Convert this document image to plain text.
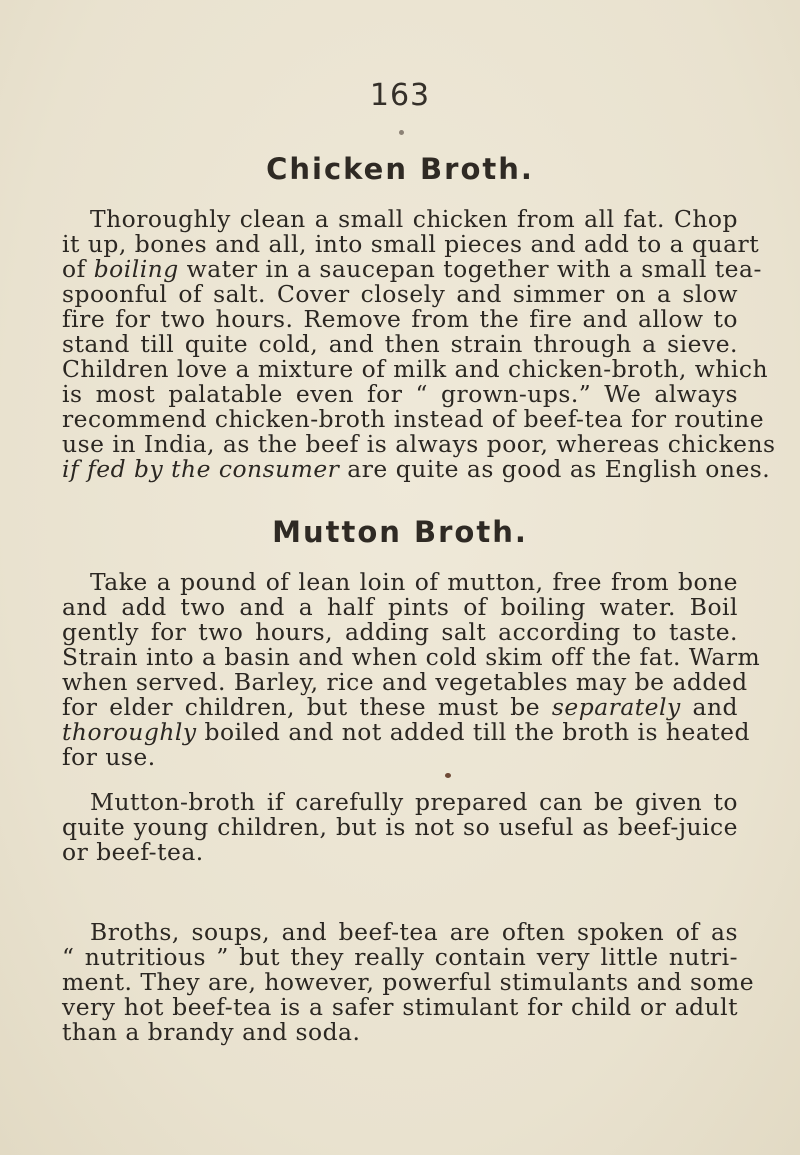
163
Chicken Broth.
Thoroughly clean a small chicken from all fat. Chop
it up, bones and all, into small pieces and add to a quart
of boiling water in a saucepan together with a small tea-
spoonful of salt. Cover closely and simmer on a slow
fire for two hours. Remove from the fire and allow to
stand till quite cold, and then strain through a sieve.
Children love a mixture of milk and chicken-broth, which
is most palatable even for “ grown-ups.” We always
recommend chicken-broth instead of beef-tea for routine
use in India, as the beef is always poor, whereas chickens
if fed by the consumer are quite as good as English ones.
Mutton Broth.
Take a pound of lean loin of mutton, free from bone
and add two and a half pints of boiling water. Boil
gently for two hours, adding salt according to taste.
Strain into a basin and when cold skim off the fat. Warm
when served. Barley, rice and vegetables may be added
for elder children, but these must be separately and
thoroughly boiled and not added till the broth is heated
for use.
Mutton-broth if carefully prepared can be given to
quite young children, but is not so useful as beef-juice
or beef-tea.
Broths, soups, and beef-tea are often spoken of as
“ nutritious ” but they really contain very little nutri-
ment. They are, however, powerful stimulants and some
very hot beef-tea is a safer stimulant for child or adult
than a brandy and soda.
